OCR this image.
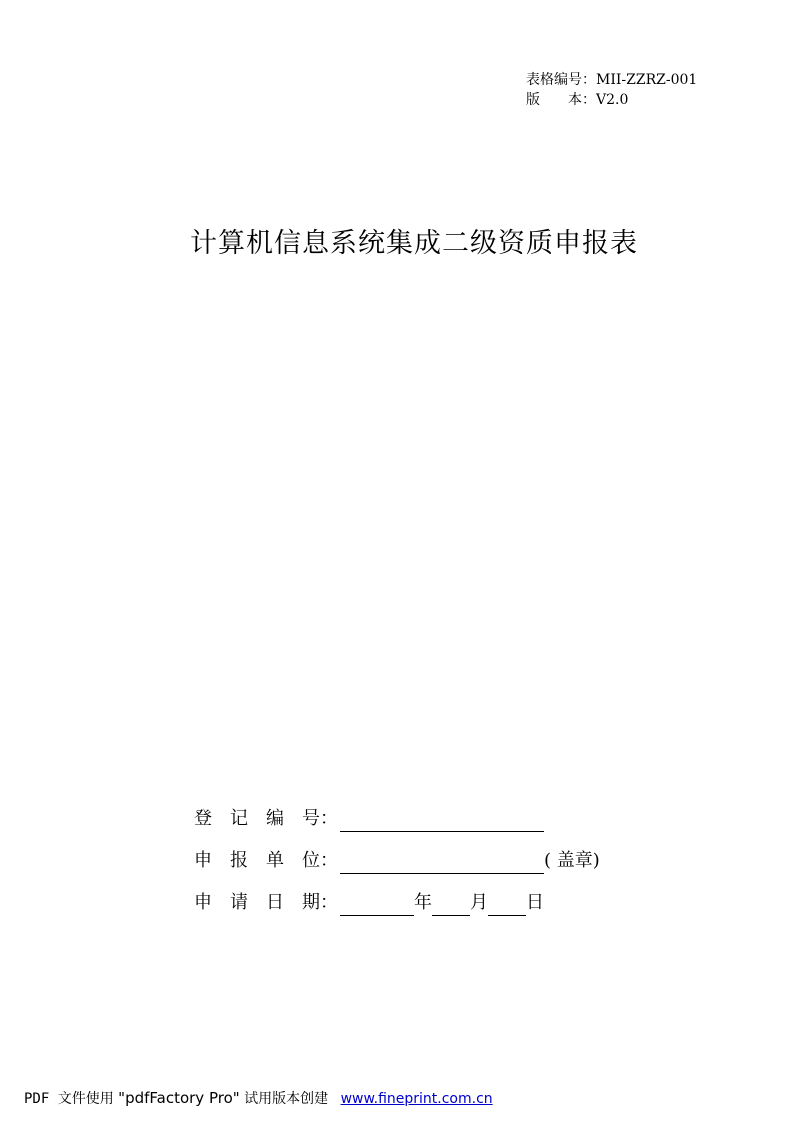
表格编号：MII-ZZRZ-001
版　　本：V2.0
计算机信息系统集成二级资质申报表
登　记　编　号：
申　报　单　位：	( 盖章)
申　请　日　期：	年 月 日
PDF 文件使用 "pdfFactory Pro" 试用版本创建 www.fineprint.com.cn
